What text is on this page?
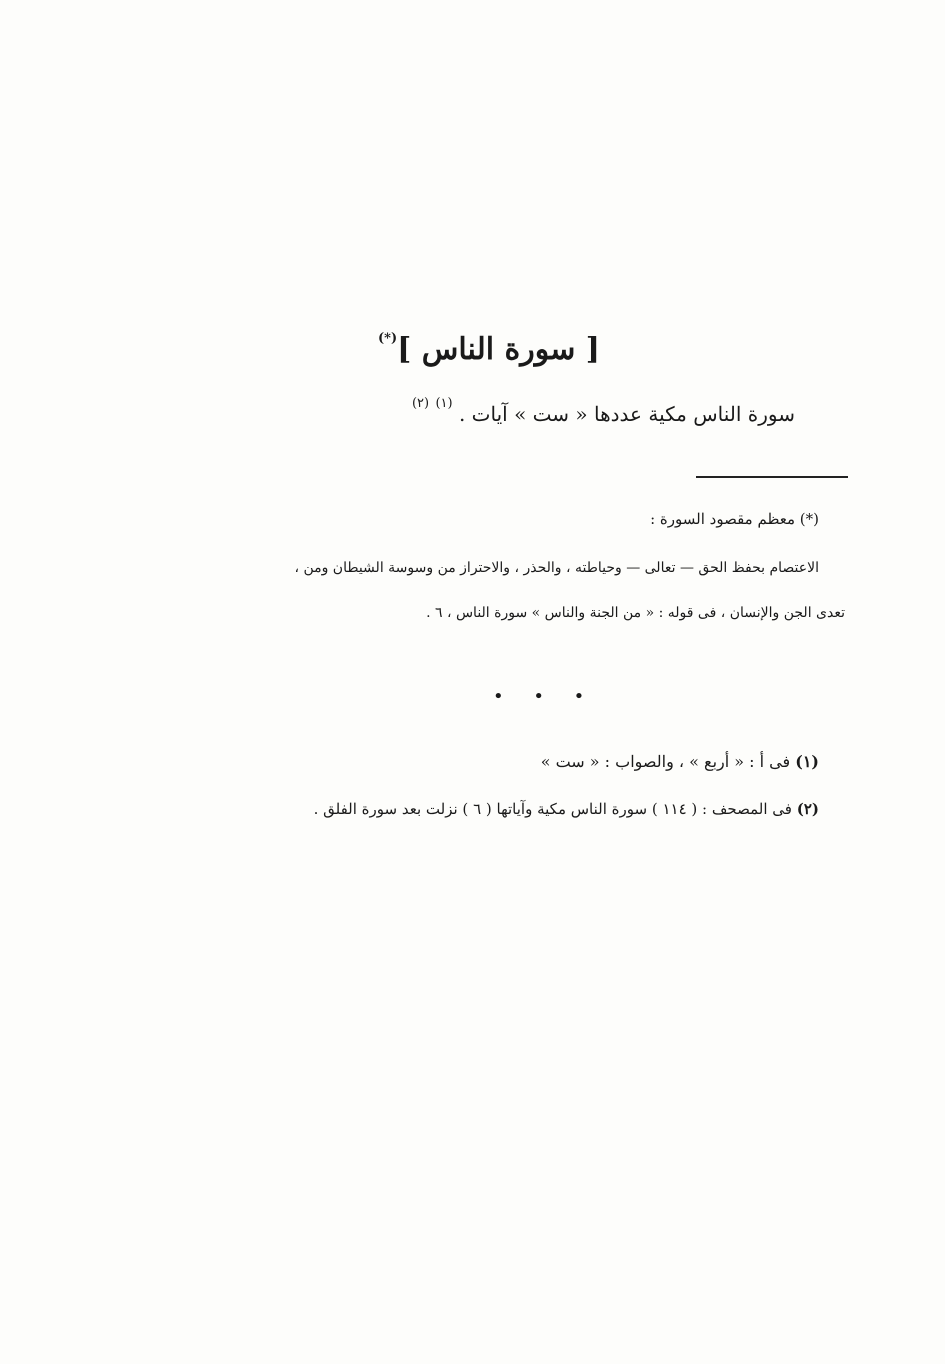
[ سورة الناس ](*)
سورة الناس مكية عددها « ست » آيات . $^{(١)}$ $^{(٢)}$
(*) معظم مقصود السورة :
الاعتصام بحفظ الحق — تعالى — وحياطته ، والحذر ، والاحتراز من وسوسة الشيطان ومن ،
تعدى الجن والإنسان ، فى قوله : « من الجنة والناس » سورة الناس ، ٦ .
• • •
(١) فى أ : « أربع » ، والصواب : « ست »
(٢) فى المصحف : ( ١١٤ ) سورة الناس مكية وآياتها ( ٦ ) نزلت بعد سورة الفلق .
